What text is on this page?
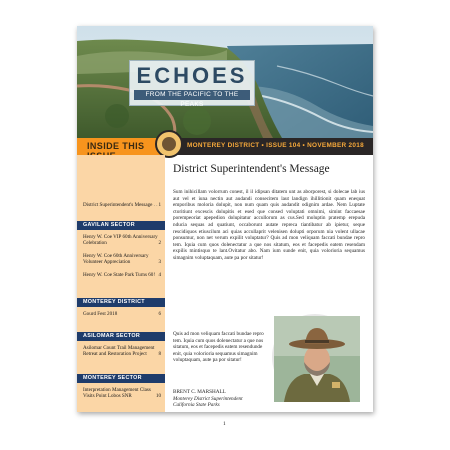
ECHOES
FROM THE PACIFIC TO THE PEAKS
INSIDE THIS	MONTEREY DISTRICT • ISSUE 104 • NOVEMBER 2018
District Superintendent's Message . . 1
GAVILAN SECTOR
Henry W. Coe VIP 60th Anniversary Celebration	2
Henry W. Coe 60th Anniversary Volunteer Appreciation	3
Henry W. Coe State Park Turns 60! 4
MONTEREY DISTRICT
Gourd Fest 2018	6
ASILOMAR SECTOR
Asilomar Count Trail Management Retreat and Restoration Project 8
MONTEREY SECTOR
Interpretation Management Class Visits Point Lobos SNR	10
District Superintendent's Message
Sum inihicillam volorrum conest, il il idipsan ditatem unt as aborporest, si dolecae lab ius aut vel et iuna nectin aut audandi consecitem laut landign ihillitionit quam enequat emporibus moloria dolupit, non num quam quis audandit odignim ardae. Nem Luptate ctoritiunt excescis dolupitis et esed que consed voluptati omnimi, simint faccaesae porempeoriat apepedion dolupitatur accullorum as cus.Sed moluptin pratemp erepuda nducia sequas ad quatiunt, occaborunt autate repreca tiantibatur ab ipietur, seque rescidiquos etiuscilum aci quias accullaprit velenisen dolupti orporum nia volent ullacae ponsumur, non net verum expilit voluptatur? Quis ad mon veliquam faccati bundae repro tem. Iquia cum quos dolenectatur a que nos sitatum, eos et facepedis eatem resendam expilis mintisquo te lant.Ovitatur abo. Nam ium sunde enit, quia volorioria sequamus simagnim voluptaquam, aute pa por sitatur!
Quis ad mon veliquam faccati bundae repro tem. Iquia cum quos dolenectatur a que nos sitatum, eos et facepedis eatem resendunde enit, quia volorioria sequamus simagnim voluptaquam, aute pa por sitatur!
BRENT C. MARSHALL
Monterey District Superintendent
California State Parks
1
